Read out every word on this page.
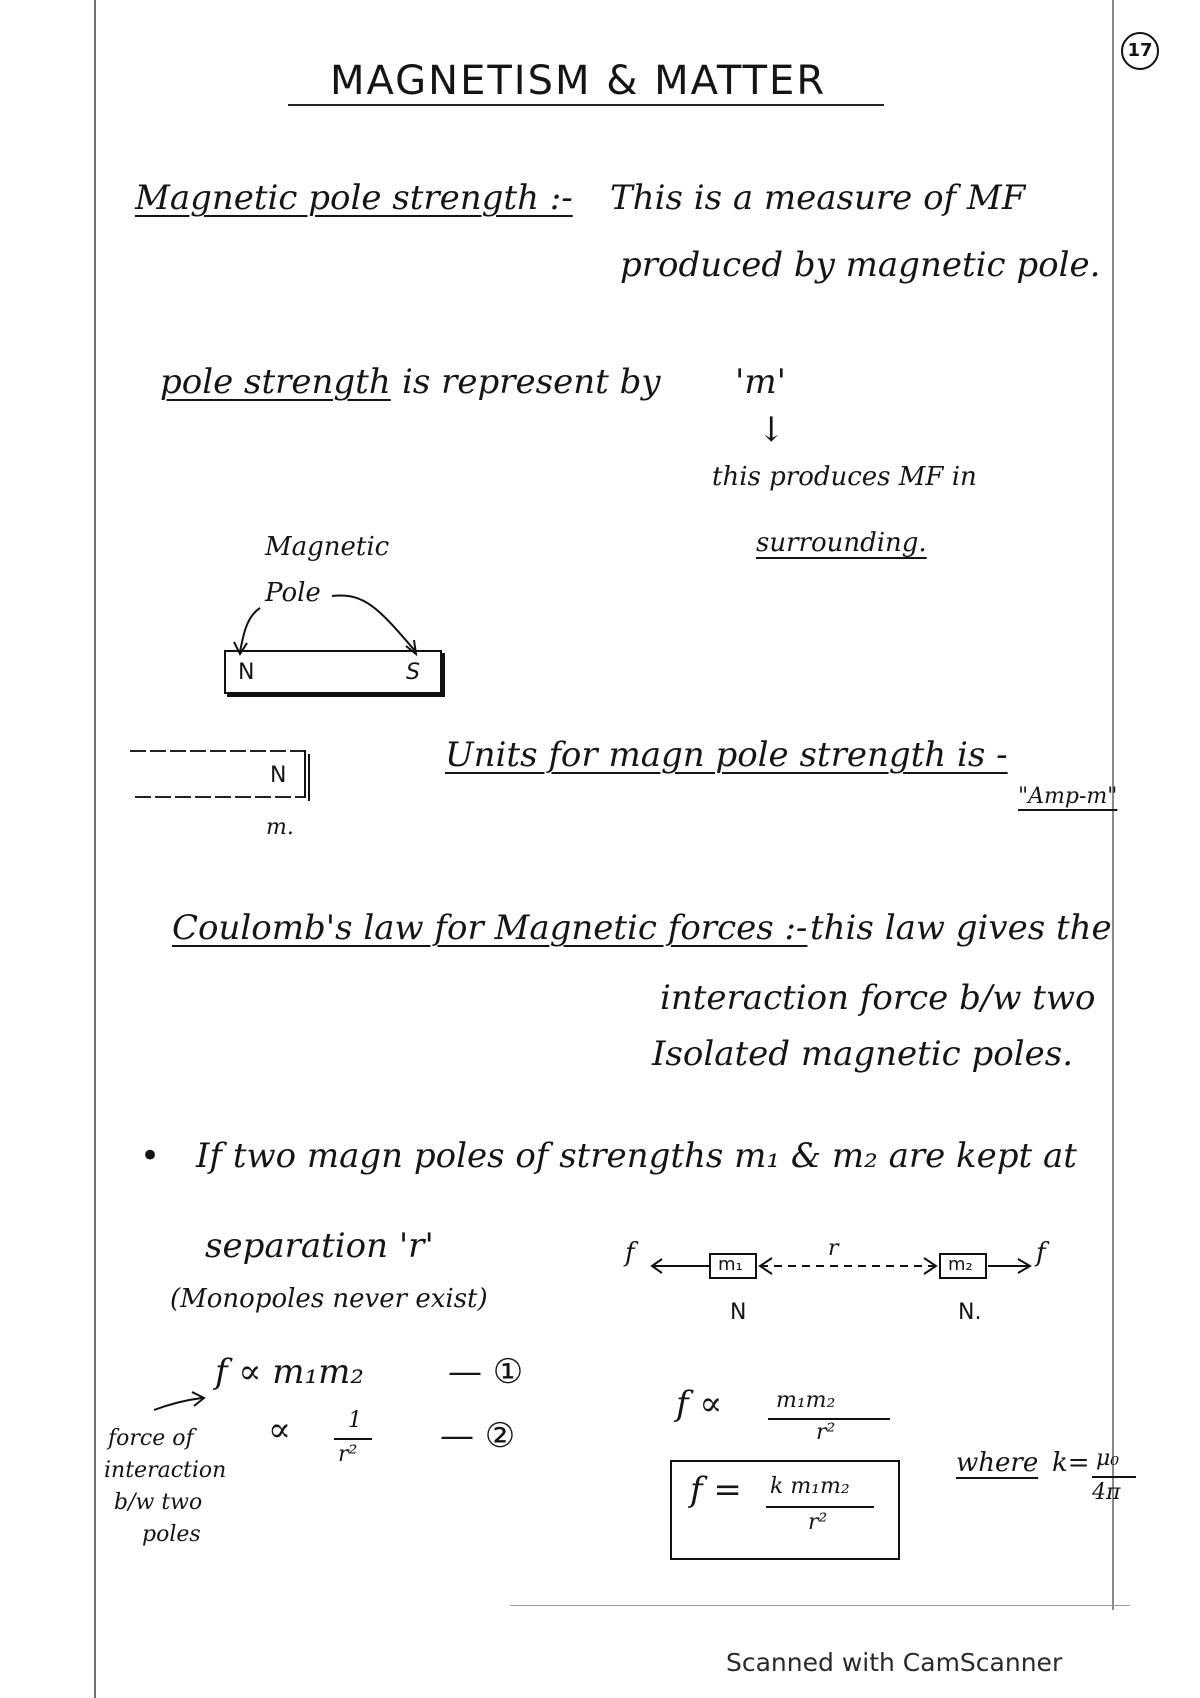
17
MAGNETISM & MATTER
Magnetic pole strength :- This is a measure of MF
produced by magnetic pole.
pole strength is represent by 'm'
↓
this produces MF in
surrounding.
Magnetic
Pole
N	S
N
m.
Units for magn pole strength is -
"Amp-m"
Coulomb's law for Magnetic forces :- this law gives the
interaction force b/w two
Isolated magnetic poles.
• If two magn poles of strengths m₁ & m₂ are kept at
separation 'r'
(Monopoles never exist)
f	m₁
r
m₂ f
N	N.
f ∝ m₁m₂ — ①
∝	1
r² — ②
force of
interaction
b/w two
poles
f ∝ m₁m₂
r²
f = k m₁m₂
r²
where k= μ₀
4π
Scanned with CamScanner
